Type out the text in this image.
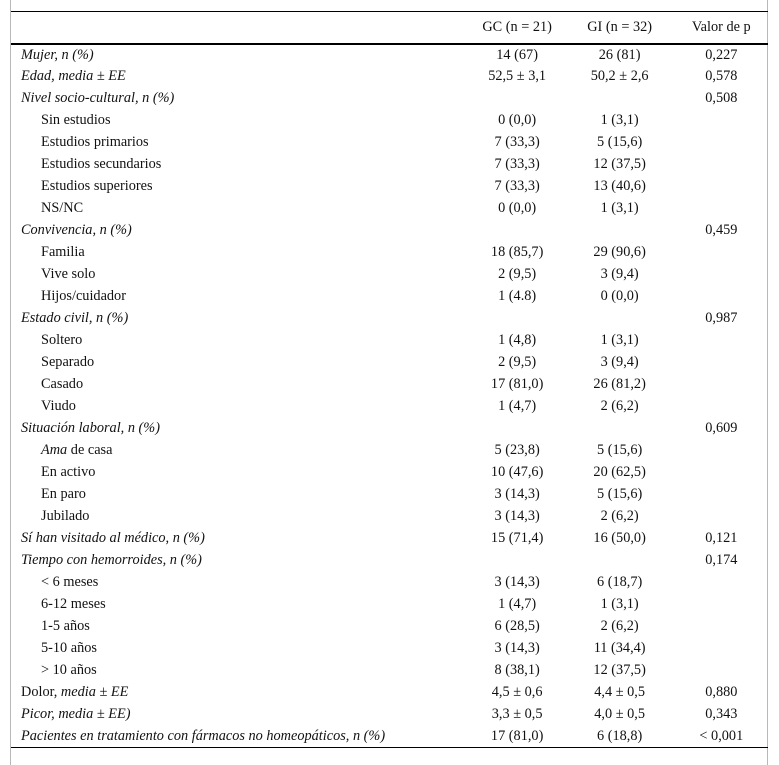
	GC (n = 21)	GI (n = 32)	Valor de p
Mujer, n (%)	14 (67)	26 (81)	0,227
Edad, media ± EE	52,5 ± 3,1	50,2 ± 2,6	0,578
Nivel socio-cultural, n (%)			0,508
Sin estudios	0 (0,0)	1 (3,1)	
Estudios primarios	7 (33,3)	5 (15,6)	
Estudios secundarios	7 (33,3)	12 (37,5)	
Estudios superiores	7 (33,3)	13 (40,6)	
NS/NC	0 (0,0)	1 (3,1)	
Convivencia, n (%)			0,459
Familia	18 (85,7)	29 (90,6)	
Vive solo	2 (9,5)	3 (9,4)	
Hijos/cuidador	1 (4.8)	0 (0,0)	
Estado civil, n (%)			0,987
Soltero	1 (4,8)	1 (3,1)	
Separado	2 (9,5)	3 (9,4)	
Casado	17 (81,0)	26 (81,2)	
Viudo	1 (4,7)	2 (6,2)	
Situación laboral, n (%)			0,609
Ama de casa	5 (23,8)	5 (15,6)	
En activo	10 (47,6)	20 (62,5)	
En paro	3 (14,3)	5 (15,6)	
Jubilado	3 (14,3)	2 (6,2)	
Sí han visitado al médico, n (%)	15 (71,4)	16 (50,0)	0,121
Tiempo con hemorroides, n (%)			0,174
< 6 meses	3 (14,3)	6 (18,7)	
6-12 meses	1 (4,7)	1 (3,1)	
1-5 años	6 (28,5)	2 (6,2)	
5-10 años	3 (14,3)	11 (34,4)	
> 10 años	8 (38,1)	12 (37,5)	
Dolor, media ± EE	4,5 ± 0,6	4,4 ± 0,5	0,880
Picor, media ± EE)	3,3 ± 0,5	4,0 ± 0,5	0,343
Pacientes en tratamiento con fármacos no homeopáticos, n (%)	17 (81,0)	6 (18,8)	< 0,001
